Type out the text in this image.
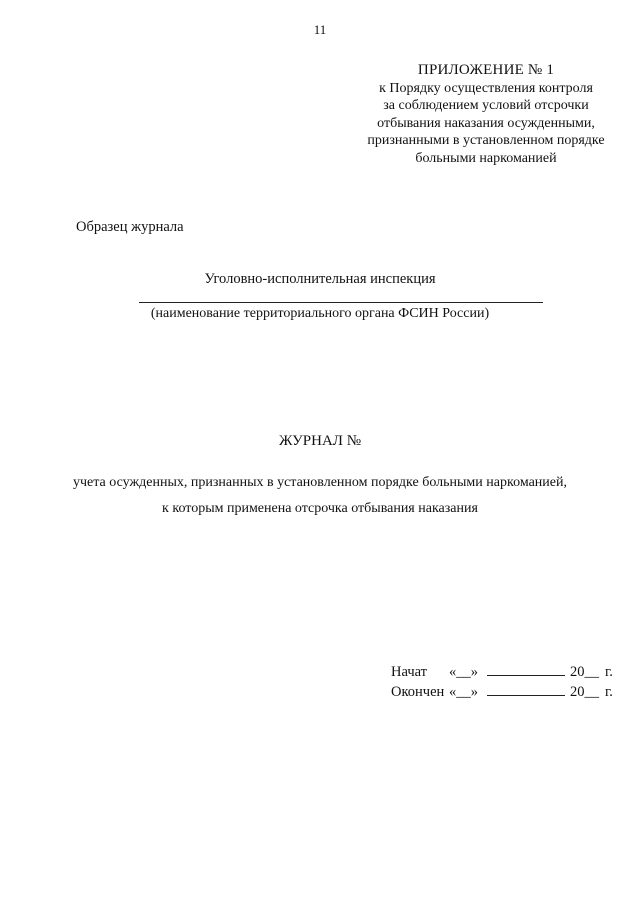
11
ПРИЛОЖЕНИЕ № 1
к Порядку осуществления контроля
за соблюдением условий отсрочки
отбывания наказания осужденными,
признанными в установленном порядке
больными наркоманией
Образец журнала
Уголовно-исполнительная инспекция
(наименование территориального органа ФСИН России)
ЖУРНАЛ №
учета осужденных, признанных в установленном порядке больными наркоманией,
к которым применена отсрочка отбывания наказания
Начат	«__»	20__ г.
Окончен «__»	20__ г.
